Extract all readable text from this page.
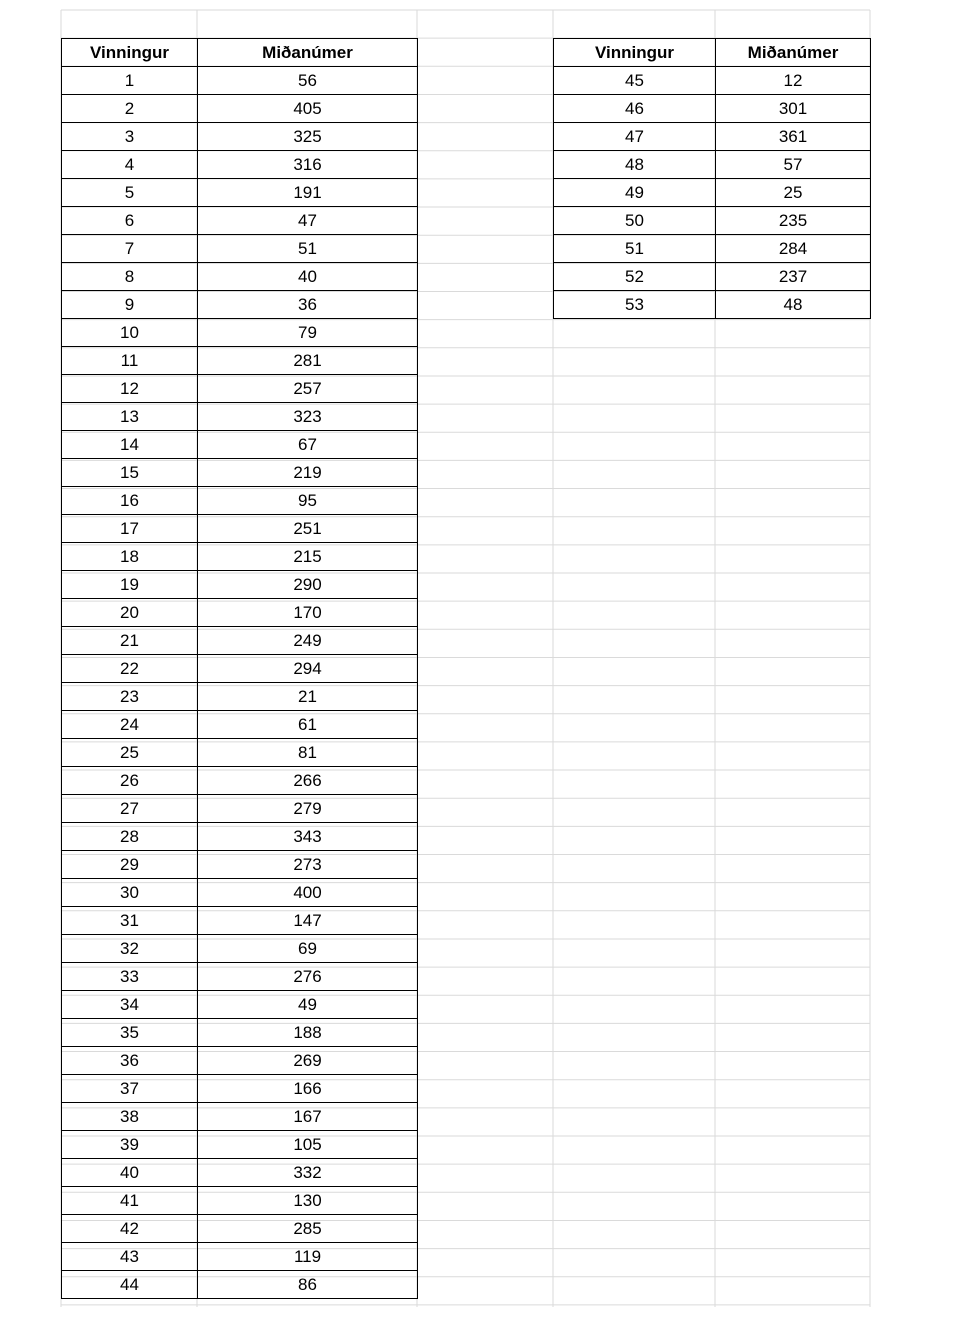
Vinningur	Miðanúmer
1	56
2	405
3	325
4	316
5	191
6	47
7	51
8	40
9	36
10	79
11	281
12	257
13	323
14	67
15	219
16	95
17	251
18	215
19	290
20	170
21	249
22	294
23	21
24	61
25	81
26	266
27	279
28	343
29	273
30	400
31	147
32	69
33	276
34	49
35	188
36	269
37	166
38	167
39	105
40	332
41	130
42	285
43	119
44	86
Vinningur	Miðanúmer
45	12
46	301
47	361
48	57
49	25
50	235
51	284
52	237
53	48
